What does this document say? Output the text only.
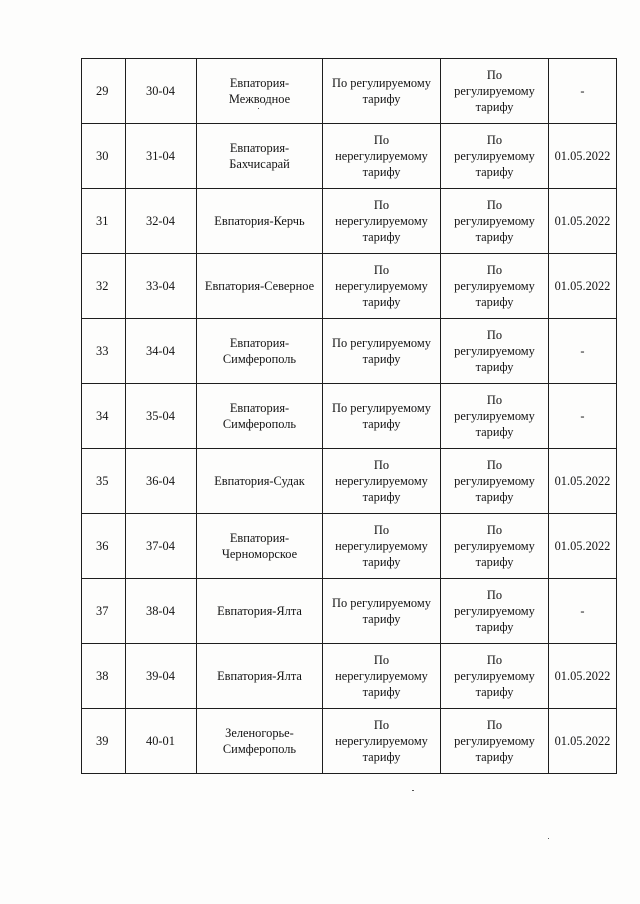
29	30-04	Евпатория-
Межводное	По регулируемому
тарифу	По
регулируемому
тарифу	-
30	31-04	Евпатория-
Бахчисарай	По
нерегулируемому
тарифу	По
регулируемому
тарифу	01.05.2022
31	32-04	Евпатория-Керчь	По
нерегулируемому
тарифу	По
регулируемому
тарифу	01.05.2022
32	33-04	Евпатория-Северное	По
нерегулируемому
тарифу	По
регулируемому
тарифу	01.05.2022
33	34-04	Евпатория-
Симферополь	По регулируемому
тарифу	По
регулируемому
тарифу	-
34	35-04	Евпатория-
Симферополь	По регулируемому
тарифу	По
регулируемому
тарифу	-
35	36-04	Евпатория-Судак	По
нерегулируемому
тарифу	По
регулируемому
тарифу	01.05.2022
36	37-04	Евпатория-
Черноморское	По
нерегулируемому
тарифу	По
регулируемому
тарифу	01.05.2022
37	38-04	Евпатория-Ялта	По регулируемому
тарифу	По
регулируемому
тарифу	-
38	39-04	Евпатория-Ялта	По
нерегулируемому
тарифу	По
регулируемому
тарифу	01.05.2022
39	40-01	Зеленогорье-
Симферополь	По
нерегулируемому
тарифу	По
регулируемому
тарифу	01.05.2022
